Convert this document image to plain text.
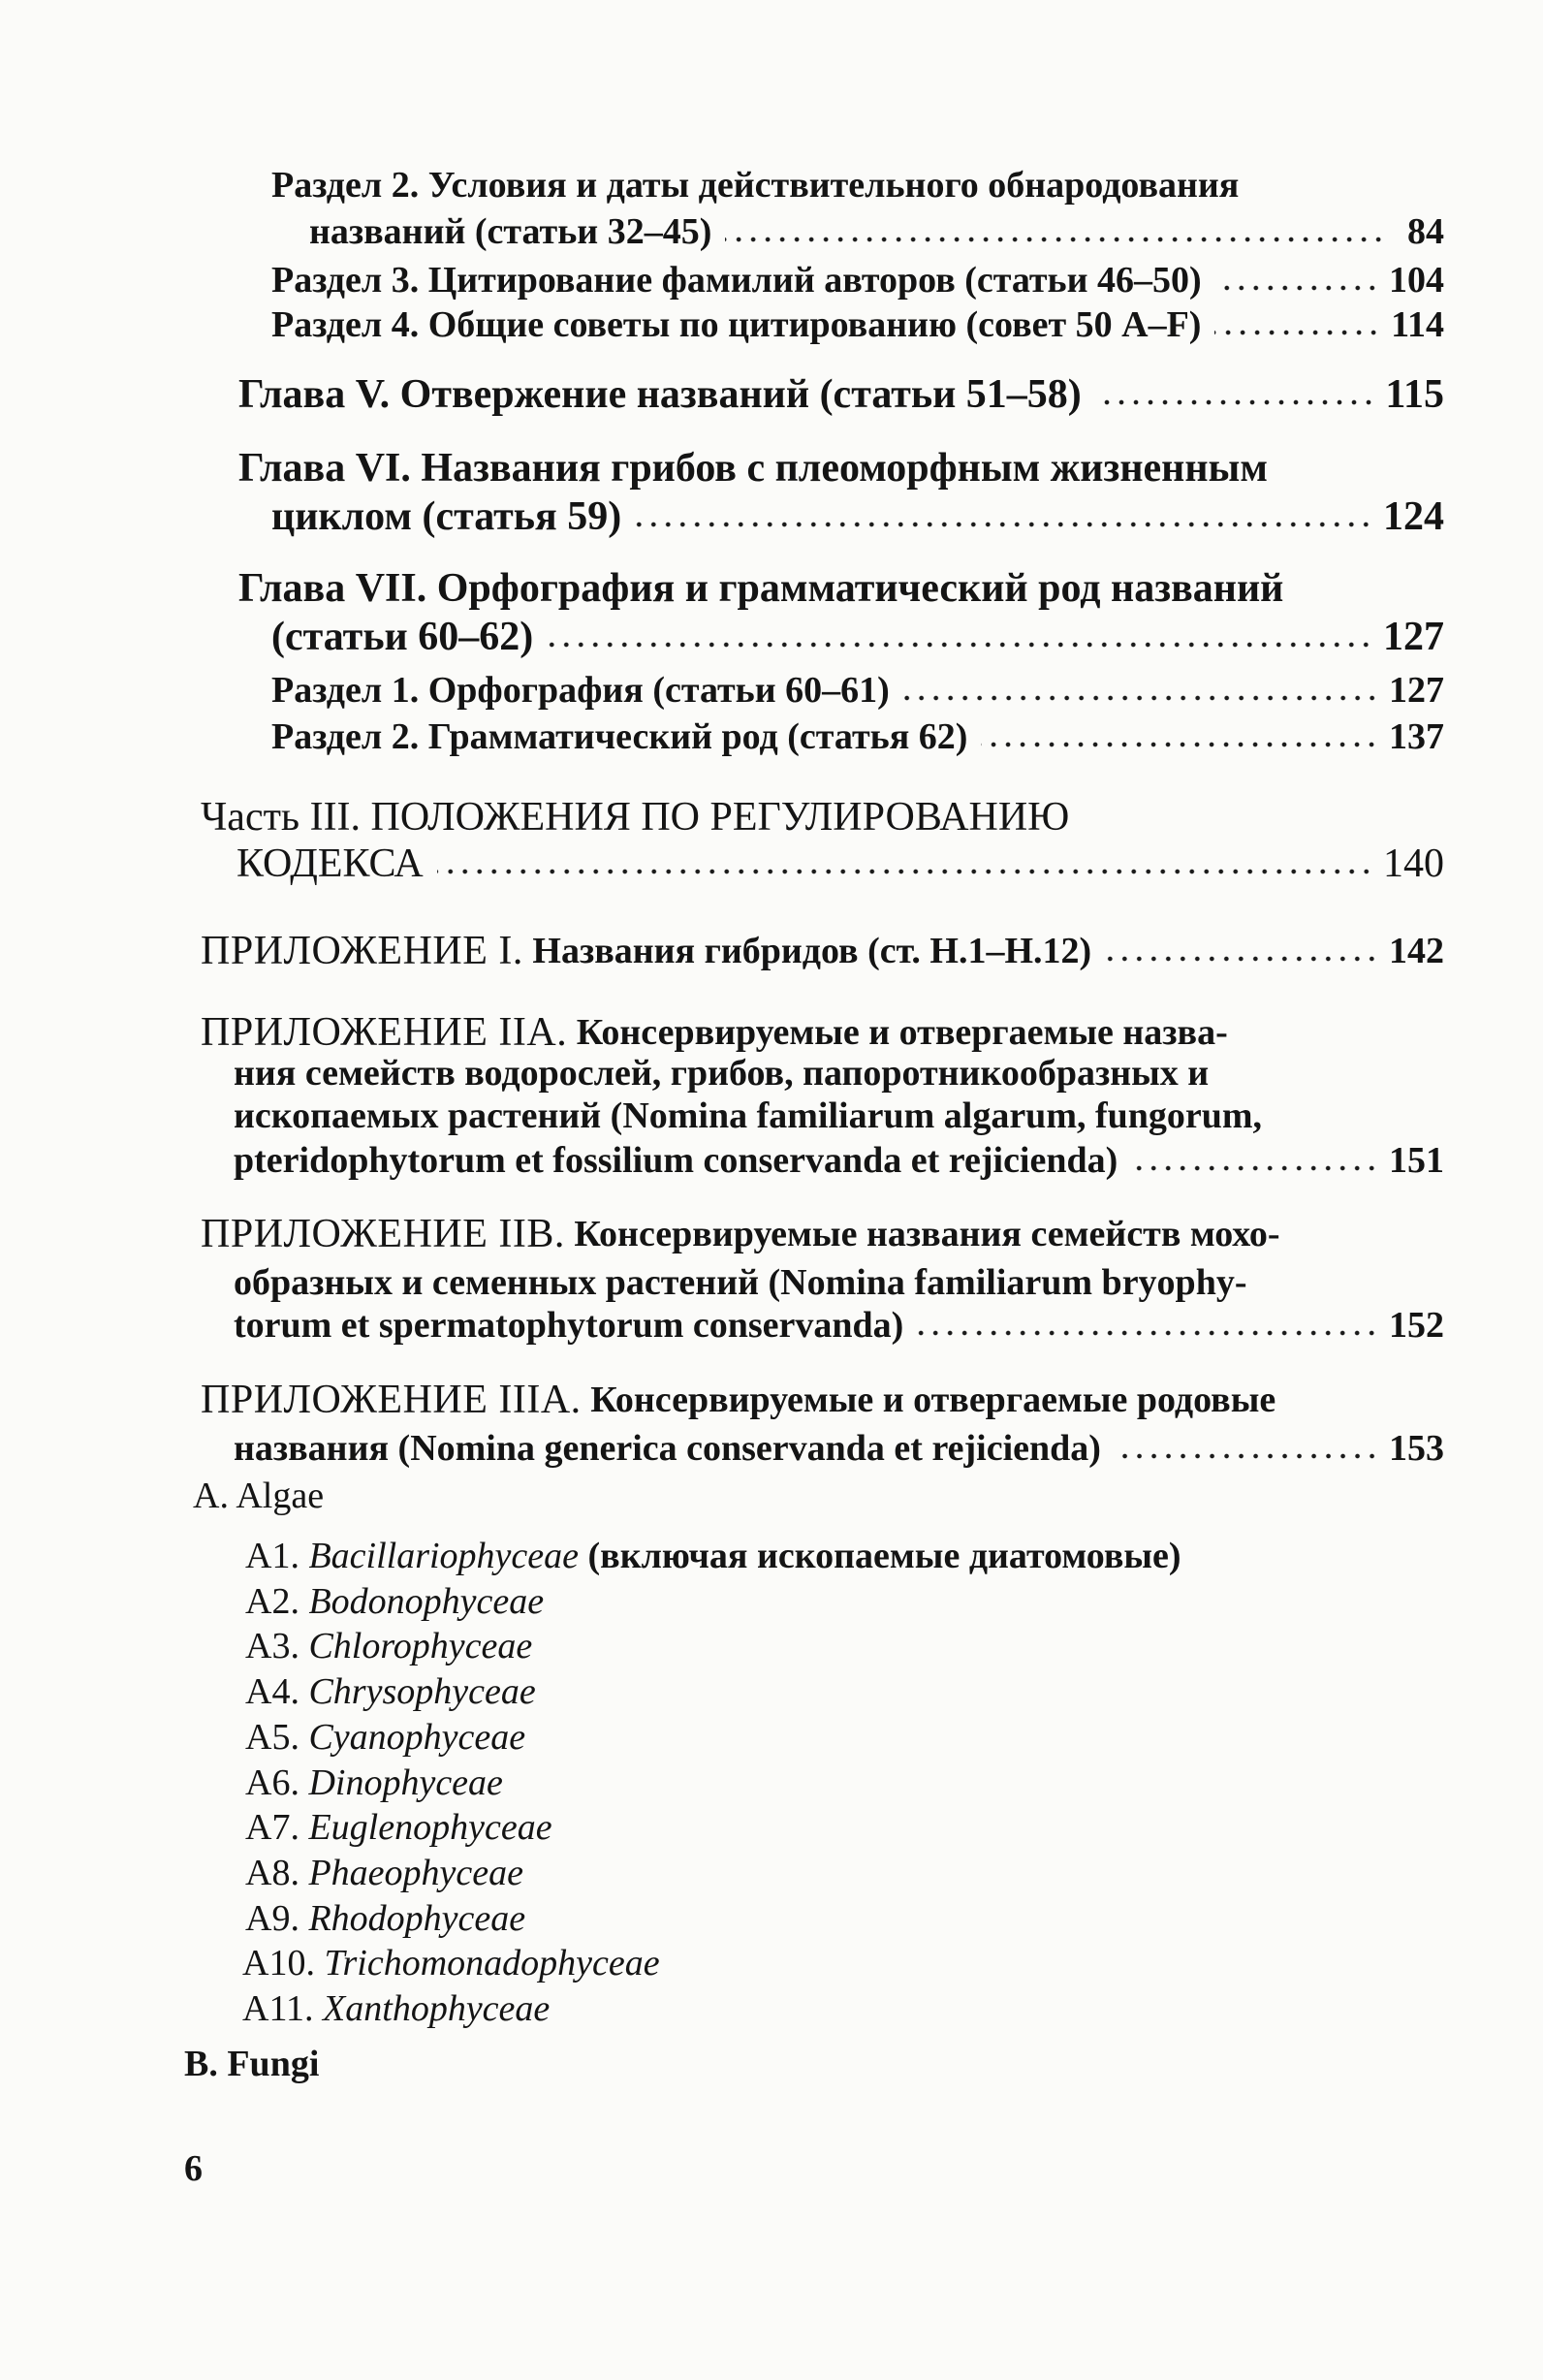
Раздел 2. Условия и даты действительного обнародования
названий (статьи 32–45)	84
Раздел 3. Цитирование фамилий авторов (статьи 46–50)	104
Раздел 4. Общие советы по цитированию (совет 50 A–F)	114
Глава V. Отвержение названий (статьи 51–58)	115
Глава VI. Названия грибов с плеоморфным жизненным
циклом (статья 59)	124
Глава VII. Орфография и грамматический род названий
(статьи 60–62)	127
Раздел 1. Орфография (статьи 60–61)	127
Раздел 2. Грамматический род (статья 62)	137
Часть III. ПОЛОЖЕНИЯ ПО РЕГУЛИРОВАНИЮ
КОДЕКСА	140
ПРИЛОЖЕНИЕ I.
Названия гибридов (ст. H.1–H.12)	142
ПРИЛОЖЕНИЕ IIA.
Консервируемые и отвергаемые назва-
ния семейств водорослей, грибов, папоротникообразных и
ископаемых растений (Nomina familiarum algarum, fungorum,
pteridophytorum et fossilium conservanda et rejicienda)	151
ПРИЛОЖЕНИЕ IIB.
Консервируемые названия семейств мохо-
образных и семенных растений (Nomina familiarum bryophy-
torum et spermatophytorum conservanda)	152
ПРИЛОЖЕНИЕ IIIA.
Консервируемые и отвергаемые родовые
названия (Nomina generica conservanda et rejicienda)	153
A. Algae
A1.
Bacillariophyceae
(включая ископаемые диатомовые)
A2.
Bodonophyceae
A3.
Chlorophyceae
A4.
Chrysophyceae
A5.
Cyanophyceae
A6.
Dinophyceae
A7.
Euglenophyceae
A8.
Phaeophyceae
A9.
Rhodophyceae
A10.
Trichomonadophyceae
A11.
Xanthophyceae
B. Fungi
6
